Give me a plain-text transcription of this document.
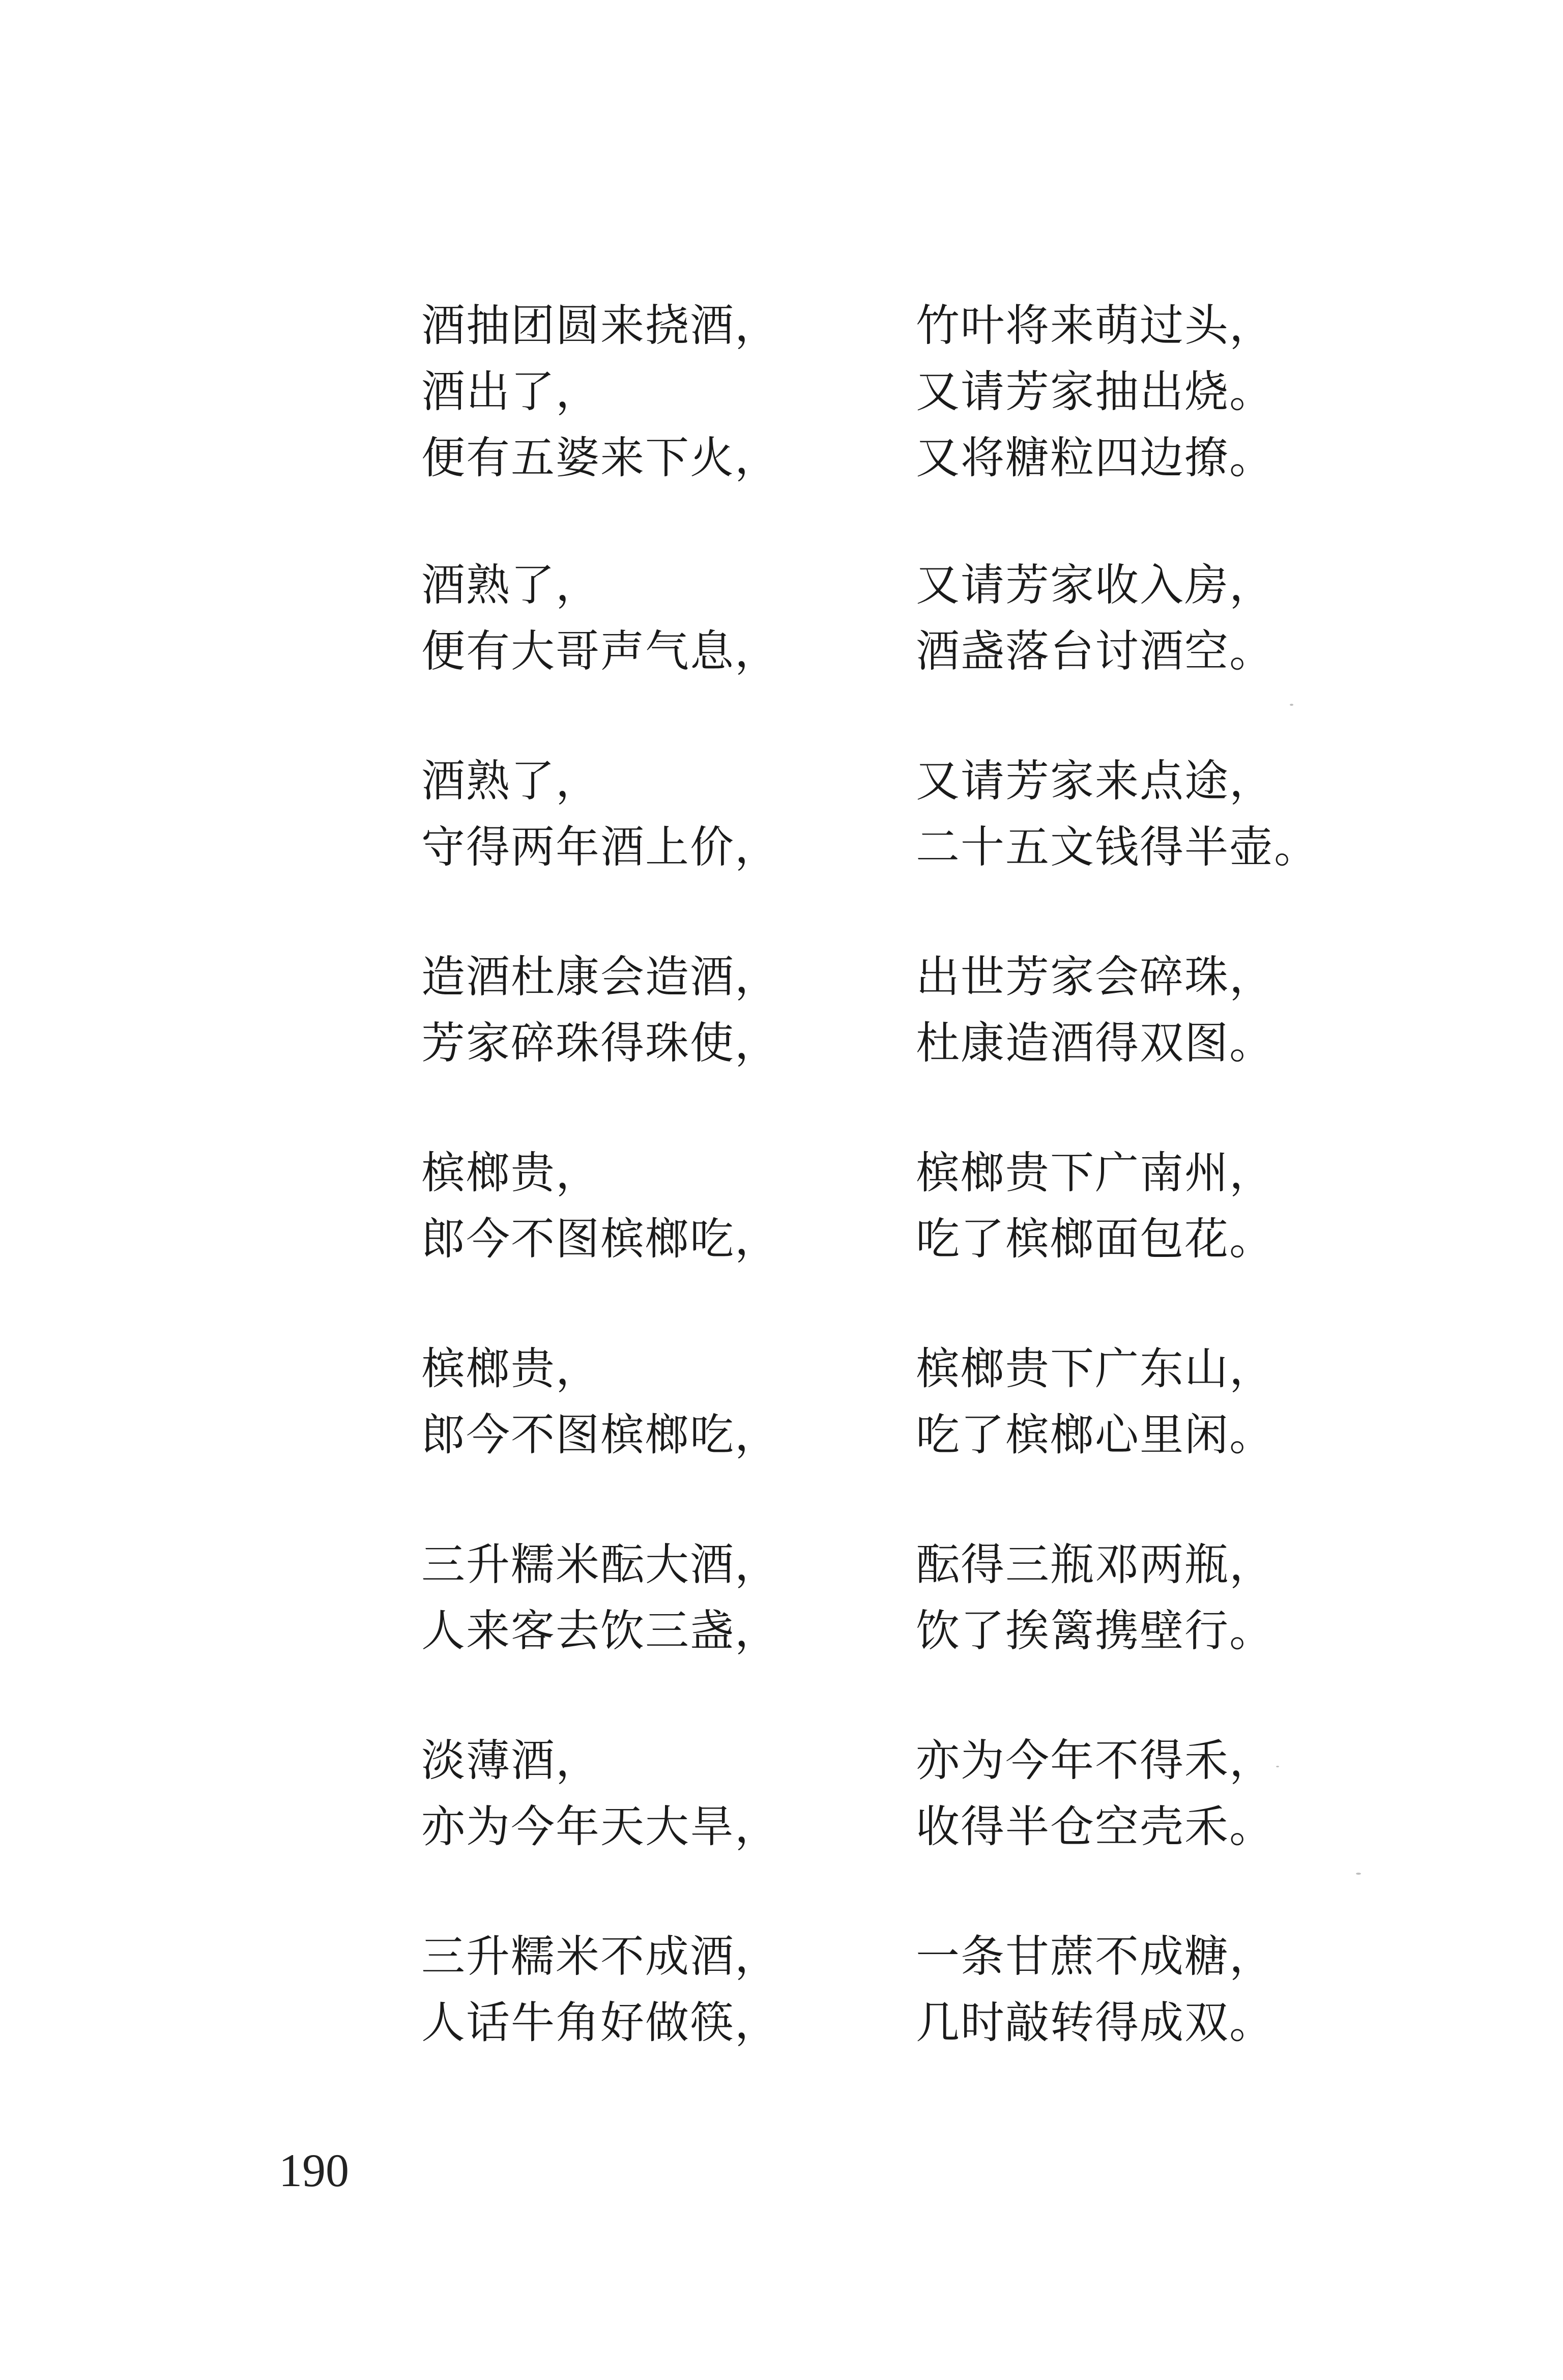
酒抽团圆来挠酒，
酒出了，
便有五婆来下火，
竹叶将来萌过头，
又请芳家抽出烧。
又将糖粒四边撩。
酒熟了，
便有大哥声气息，
又请芳家收入房，
酒盏落台讨酒空。
酒熟了，
守得两年酒上价，
又请芳家来点途，
二十五文钱得半壶。
造酒杜康会造酒，
芳家碎珠得珠使，
出世芳家会碎珠，
杜康造酒得双图。
槟榔贵，
郎今不图槟榔吃，
槟榔贵下广南州，
吃了槟榔面包花。
槟榔贵，
郎今不图槟榔吃，
槟榔贵下广东山，
吃了槟榔心里闲。
三升糯米酝大酒，
人来客去饮三盏，
酝得三瓶邓两瓶，
饮了挨篱携壁行。
淡薄酒，
亦为今年天大旱，
亦为今年不得禾，
收得半仓空壳禾。
三升糯米不成酒，
人话牛角好做筷，
一条甘蔗不成糖，
几时敲转得成双。
190
